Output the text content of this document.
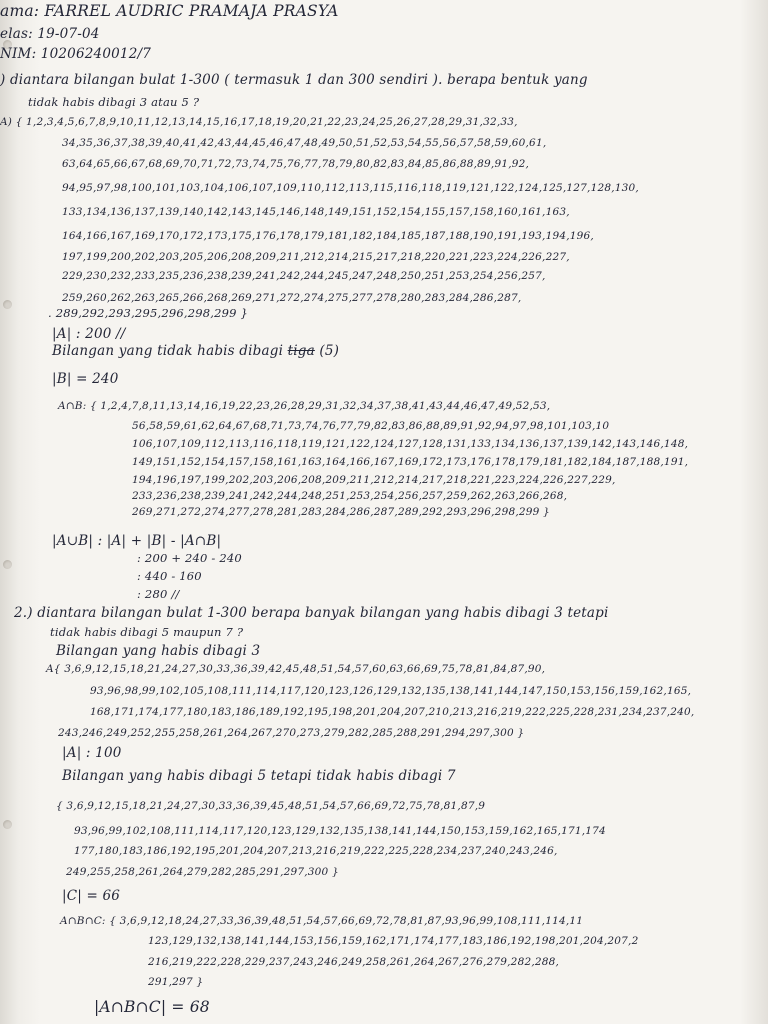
ama: FARREL AUDRIC PRAMAJA PRASYA
elas: 19-07-04
NIM: 10206240012/7
) diantara bilangan bulat 1-300 ( termasuk 1 dan 300 sendiri ). berapa bentuk yang
tidak habis dibagi 3 atau 5 ?
A) { 1,2,3,4,5,6,7,8,9,10,11,12,13,14,15,16,17,18,19,20,21,22,23,24,25,26,27,28,29,31,32,33,
34,35,36,37,38,39,40,41,42,43,44,45,46,47,48,49,50,51,52,53,54,55,56,57,58,59,60,61,
63,64,65,66,67,68,69,70,71,72,73,74,75,76,77,78,79,80,82,83,84,85,86,88,89,91,92,
94,95,97,98,100,101,103,104,106,107,109,110,112,113,115,116,118,119,121,122,124,125,127,128,130,
133,134,136,137,139,140,142,143,145,146,148,149,151,152,154,155,157,158,160,161,163,
164,166,167,169,170,172,173,175,176,178,179,181,182,184,185,187,188,190,191,193,194,196,
197,199,200,202,203,205,206,208,209,211,212,214,215,217,218,220,221,223,224,226,227,
229,230,232,233,235,236,238,239,241,242,244,245,247,248,250,251,253,254,256,257,
259,260,262,263,265,266,268,269,271,272,274,275,277,278,280,283,284,286,287,
. 289,292,293,295,296,298,299 }
|A| : 200 //
Bilangan yang tidak habis dibagi tiga (5)
|B| = 240
A∩B: { 1,2,4,7,8,11,13,14,16,19,22,23,26,28,29,31,32,34,37,38,41,43,44,46,47,49,52,53,
56,58,59,61,62,64,67,68,71,73,74,76,77,79,82,83,86,88,89,91,92,94,97,98,101,103,10
106,107,109,112,113,116,118,119,121,122,124,127,128,131,133,134,136,137,139,142,143,146,148,
149,151,152,154,157,158,161,163,164,166,167,169,172,173,176,178,179,181,182,184,187,188,191,
194,196,197,199,202,203,206,208,209,211,212,214,217,218,221,223,224,226,227,229,
233,236,238,239,241,242,244,248,251,253,254,256,257,259,262,263,266,268,
269,271,272,274,277,278,281,283,284,286,287,289,292,293,296,298,299 }
|A∪B| : |A| + |B| - |A∩B|
: 200 + 240 - 240
: 440 - 160
: 280 //
2.) diantara bilangan bulat 1-300 berapa banyak bilangan yang habis dibagi 3 tetapi
tidak habis dibagi 5 maupun 7 ?
Bilangan yang habis dibagi 3
A{ 3,6,9,12,15,18,21,24,27,30,33,36,39,42,45,48,51,54,57,60,63,66,69,75,78,81,84,87,90,
93,96,98,99,102,105,108,111,114,117,120,123,126,129,132,135,138,141,144,147,150,153,156,159,162,165,
168,171,174,177,180,183,186,189,192,195,198,201,204,207,210,213,216,219,222,225,228,231,234,237,240,
243,246,249,252,255,258,261,264,267,270,273,279,282,285,288,291,294,297,300 }
|A| : 100
Bilangan yang habis dibagi 5 tetapi tidak habis dibagi 7
{ 3,6,9,12,15,18,21,24,27,30,33,36,39,45,48,51,54,57,66,69,72,75,78,81,87,9
93,96,99,102,108,111,114,117,120,123,129,132,135,138,141,144,150,153,159,162,165,171,174
177,180,183,186,192,195,201,204,207,213,216,219,222,225,228,234,237,240,243,246,
249,255,258,261,264,279,282,285,291,297,300 }
|C| = 66
A∩B∩C: { 3,6,9,12,18,24,27,33,36,39,48,51,54,57,66,69,72,78,81,87,93,96,99,108,111,114,11
123,129,132,138,141,144,153,156,159,162,171,174,177,183,186,192,198,201,204,207,2
216,219,222,228,229,237,243,246,249,258,261,264,267,276,279,282,288,
291,297 }
|A∩B∩C| = 68
